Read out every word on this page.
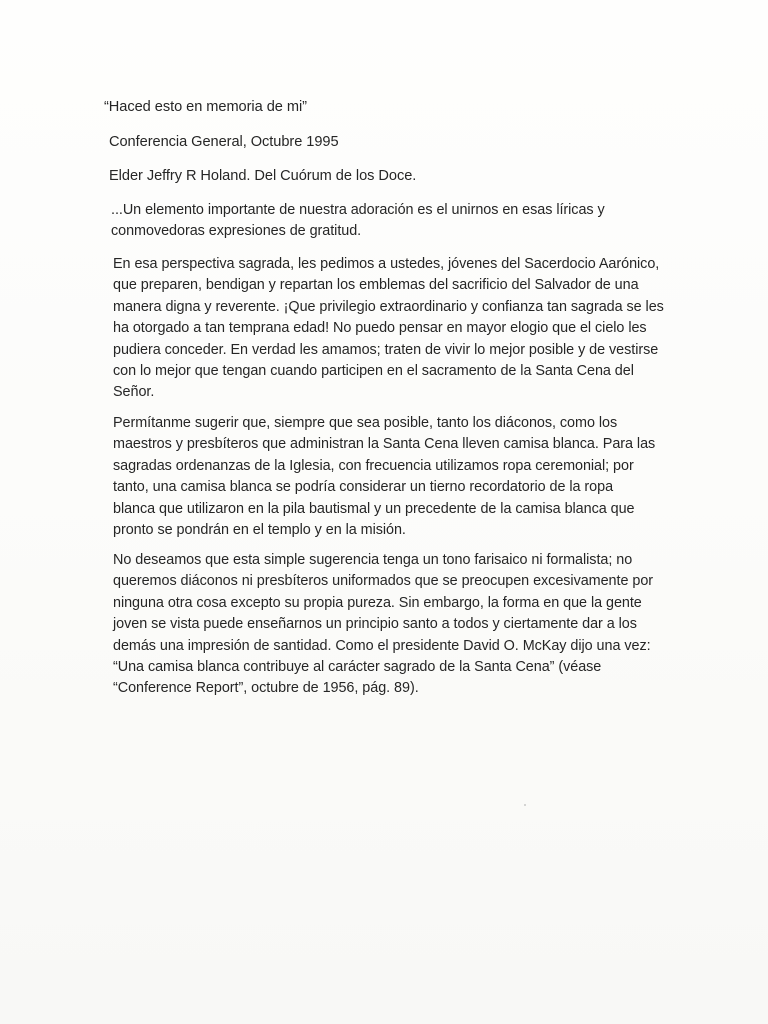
“Haced esto en memoria de mi”
Conferencia General, Octubre 1995
Elder Jeffry R Holand. Del Cuórum de los Doce.
...Un elemento importante de nuestra adoración es el unirnos en esas líricas y
conmovedoras expresiones de gratitud.
En esa perspectiva sagrada, les pedimos a ustedes, jóvenes del Sacerdocio Aarónico,
que preparen, bendigan y repartan los emblemas del sacrificio del Salvador de una
manera digna y reverente. ¡Que privilegio extraordinario y confianza tan sagrada se les
ha otorgado a tan temprana edad! No puedo pensar en mayor elogio que el cielo les
pudiera conceder. En verdad les amamos; traten de vivir lo mejor posible y de vestirse
con lo mejor que tengan cuando participen en el sacramento de la Santa Cena del
Señor.
Permítanme sugerir que, siempre que sea posible, tanto los diáconos, como los
maestros y presbíteros que administran la Santa Cena lleven camisa blanca. Para las
sagradas ordenanzas de la Iglesia, con frecuencia utilizamos ropa ceremonial; por
tanto, una camisa blanca se podría considerar un tierno recordatorio de la ropa
blanca que utilizaron en la pila bautismal y un precedente de la camisa blanca que
pronto se pondrán en el templo y en la misión.
No deseamos que esta simple sugerencia tenga un tono farisaico ni formalista; no
queremos diáconos ni presbíteros uniformados que se preocupen excesivamente por
ninguna otra cosa excepto su propia pureza. Sin embargo, la forma en que la gente
joven se vista puede enseñarnos un principio santo a todos y ciertamente dar a los
demás una impresión de santidad. Como el presidente David O. McKay dijo una vez:
“Una camisa blanca contribuye al carácter sagrado de la Santa Cena” (véase
“Conference Report”, octubre de 1956, pág. 89).
